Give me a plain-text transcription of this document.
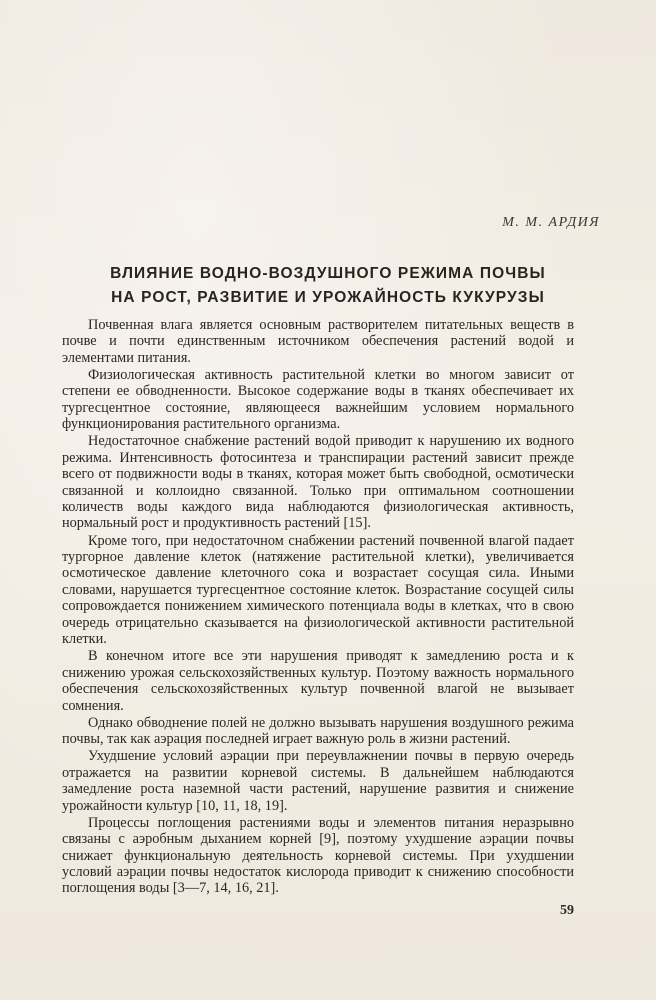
М. М. АРДИЯ
ВЛИЯНИЕ ВОДНО-ВОЗДУШНОГО РЕЖИМА ПОЧВЫ
НА РОСТ, РАЗВИТИЕ И УРОЖАЙНОСТЬ КУКУРУЗЫ

Почвенная влага является основным растворителем питательных веществ в почве и почти единственным источником обеспечения растений водой и элементами питания.

Физиологическая активность растительной клетки во многом зависит от степени ее обводненности. Высокое содержание воды в тканях обеспечивает их тургесцентное состояние, являющееся важнейшим условием нормального функционирования растительного организма.

Недостаточное снабжение растений водой приводит к нарушению их водного режима. Интенсивность фотосинтеза и транспирации растений зависит прежде всего от подвижности воды в тканях, которая может быть свободной, осмотически связанной и коллоидно связанной. Только при оптимальном соотношении количеств воды каждого вида наблюдаются физиологическая активность, нормальный рост и продуктивность растений [15].

Кроме того, при недостаточном снабжении растений почвенной влагой падает тургорное давление клеток (натяжение растительной клетки), увеличивается осмотическое давление клеточного сока и возрастает сосущая сила. Иными словами, нарушается тургесцентное состояние клеток. Возрастание сосущей силы сопровождается понижением химического потенциала воды в клетках, что в свою очередь отрицательно сказывается на физиологической активности растительной клетки.

В конечном итоге все эти нарушения приводят к замедлению роста и к снижению урожая сельскохозяйственных культур. Поэтому важность нормального обеспечения сельскохозяйственных культур почвенной влагой не вызывает сомнения.

Однако обводнение полей не должно вызывать нарушения воздушного режима почвы, так как аэрация последней играет важную роль в жизни растений.

Ухудшение условий аэрации при переувлажнении почвы в первую очередь отражается на развитии корневой системы. В дальнейшем наблюдаются замедление роста наземной части растений, нарушение развития и снижение урожайности культур [10, 11, 18, 19].

Процессы поглощения растениями воды и элементов питания неразрывно связаны с аэробным дыханием корней [9], поэтому ухудшение аэрации почвы снижает функциональную деятельность корневой системы. При ухудшении условий аэрации почвы недостаток кислорода приводит к снижению способности поглощения воды [3—7, 14, 16, 21].

59
